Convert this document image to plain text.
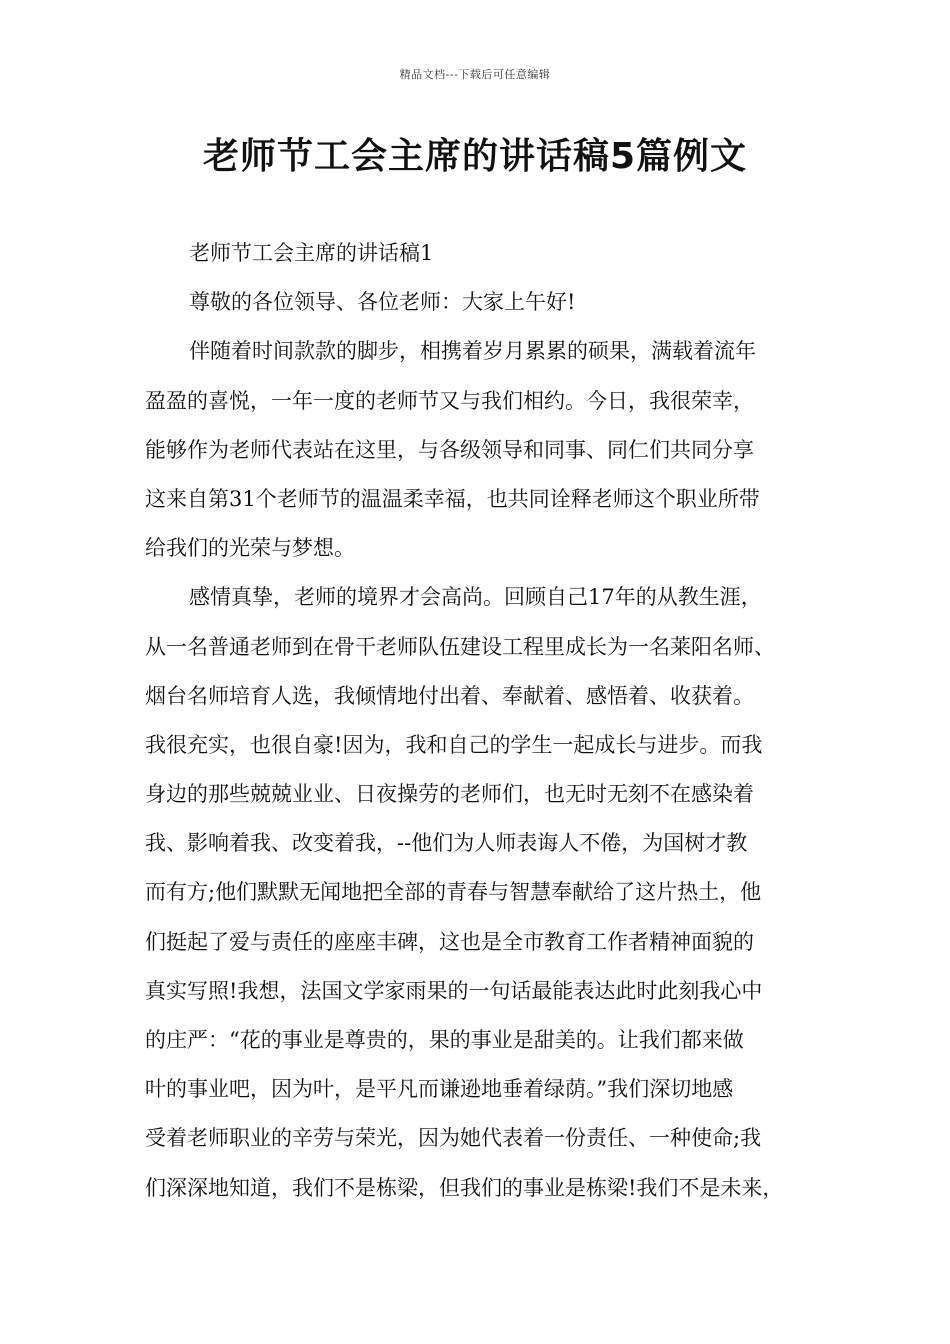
精品文档---下载后可任意编辑
老师节工会主席的讲话稿5篇例文
老师节工会主席的讲话稿1
尊敬的各位领导、各位老师：大家上午好!
伴随着时间款款的脚步，相携着岁月累累的硕果，满载着流年
盈盈的喜悦，一年一度的老师节又与我们相约。今日，我很荣幸，
能够作为老师代表站在这里，与各级领导和同事、同仁们共同分享
这来自第31个老师节的温温柔幸福，也共同诠释老师这个职业所带
给我们的光荣与梦想。
感情真挚，老师的境界才会高尚。回顾自己17年的从教生涯，
从一名普通老师到在骨干老师队伍建设工程里成长为一名莱阳名师、
烟台名师培育人选，我倾情地付出着、奉献着、感悟着、收获着。
我很充实，也很自豪!因为，我和自己的学生一起成长与进步。而我
身边的那些兢兢业业、日夜操劳的老师们，也无时无刻不在感染着
我、影响着我、改变着我，--他们为人师表诲人不倦，为国树才教
而有方;他们默默无闻地把全部的青春与智慧奉献给了这片热土，他
们挺起了爱与责任的座座丰碑，这也是全市教育工作者精神面貌的
真实写照!我想，法国文学家雨果的一句话最能表达此时此刻我心中
的庄严：“花的事业是尊贵的，果的事业是甜美的。让我们都来做
叶的事业吧，因为叶，是平凡而谦逊地垂着绿荫。”我们深切地感
受着老师职业的辛劳与荣光，因为她代表着一份责任、一种使命;我
们深深地知道，我们不是栋梁，但我们的事业是栋梁!我们不是未来，
